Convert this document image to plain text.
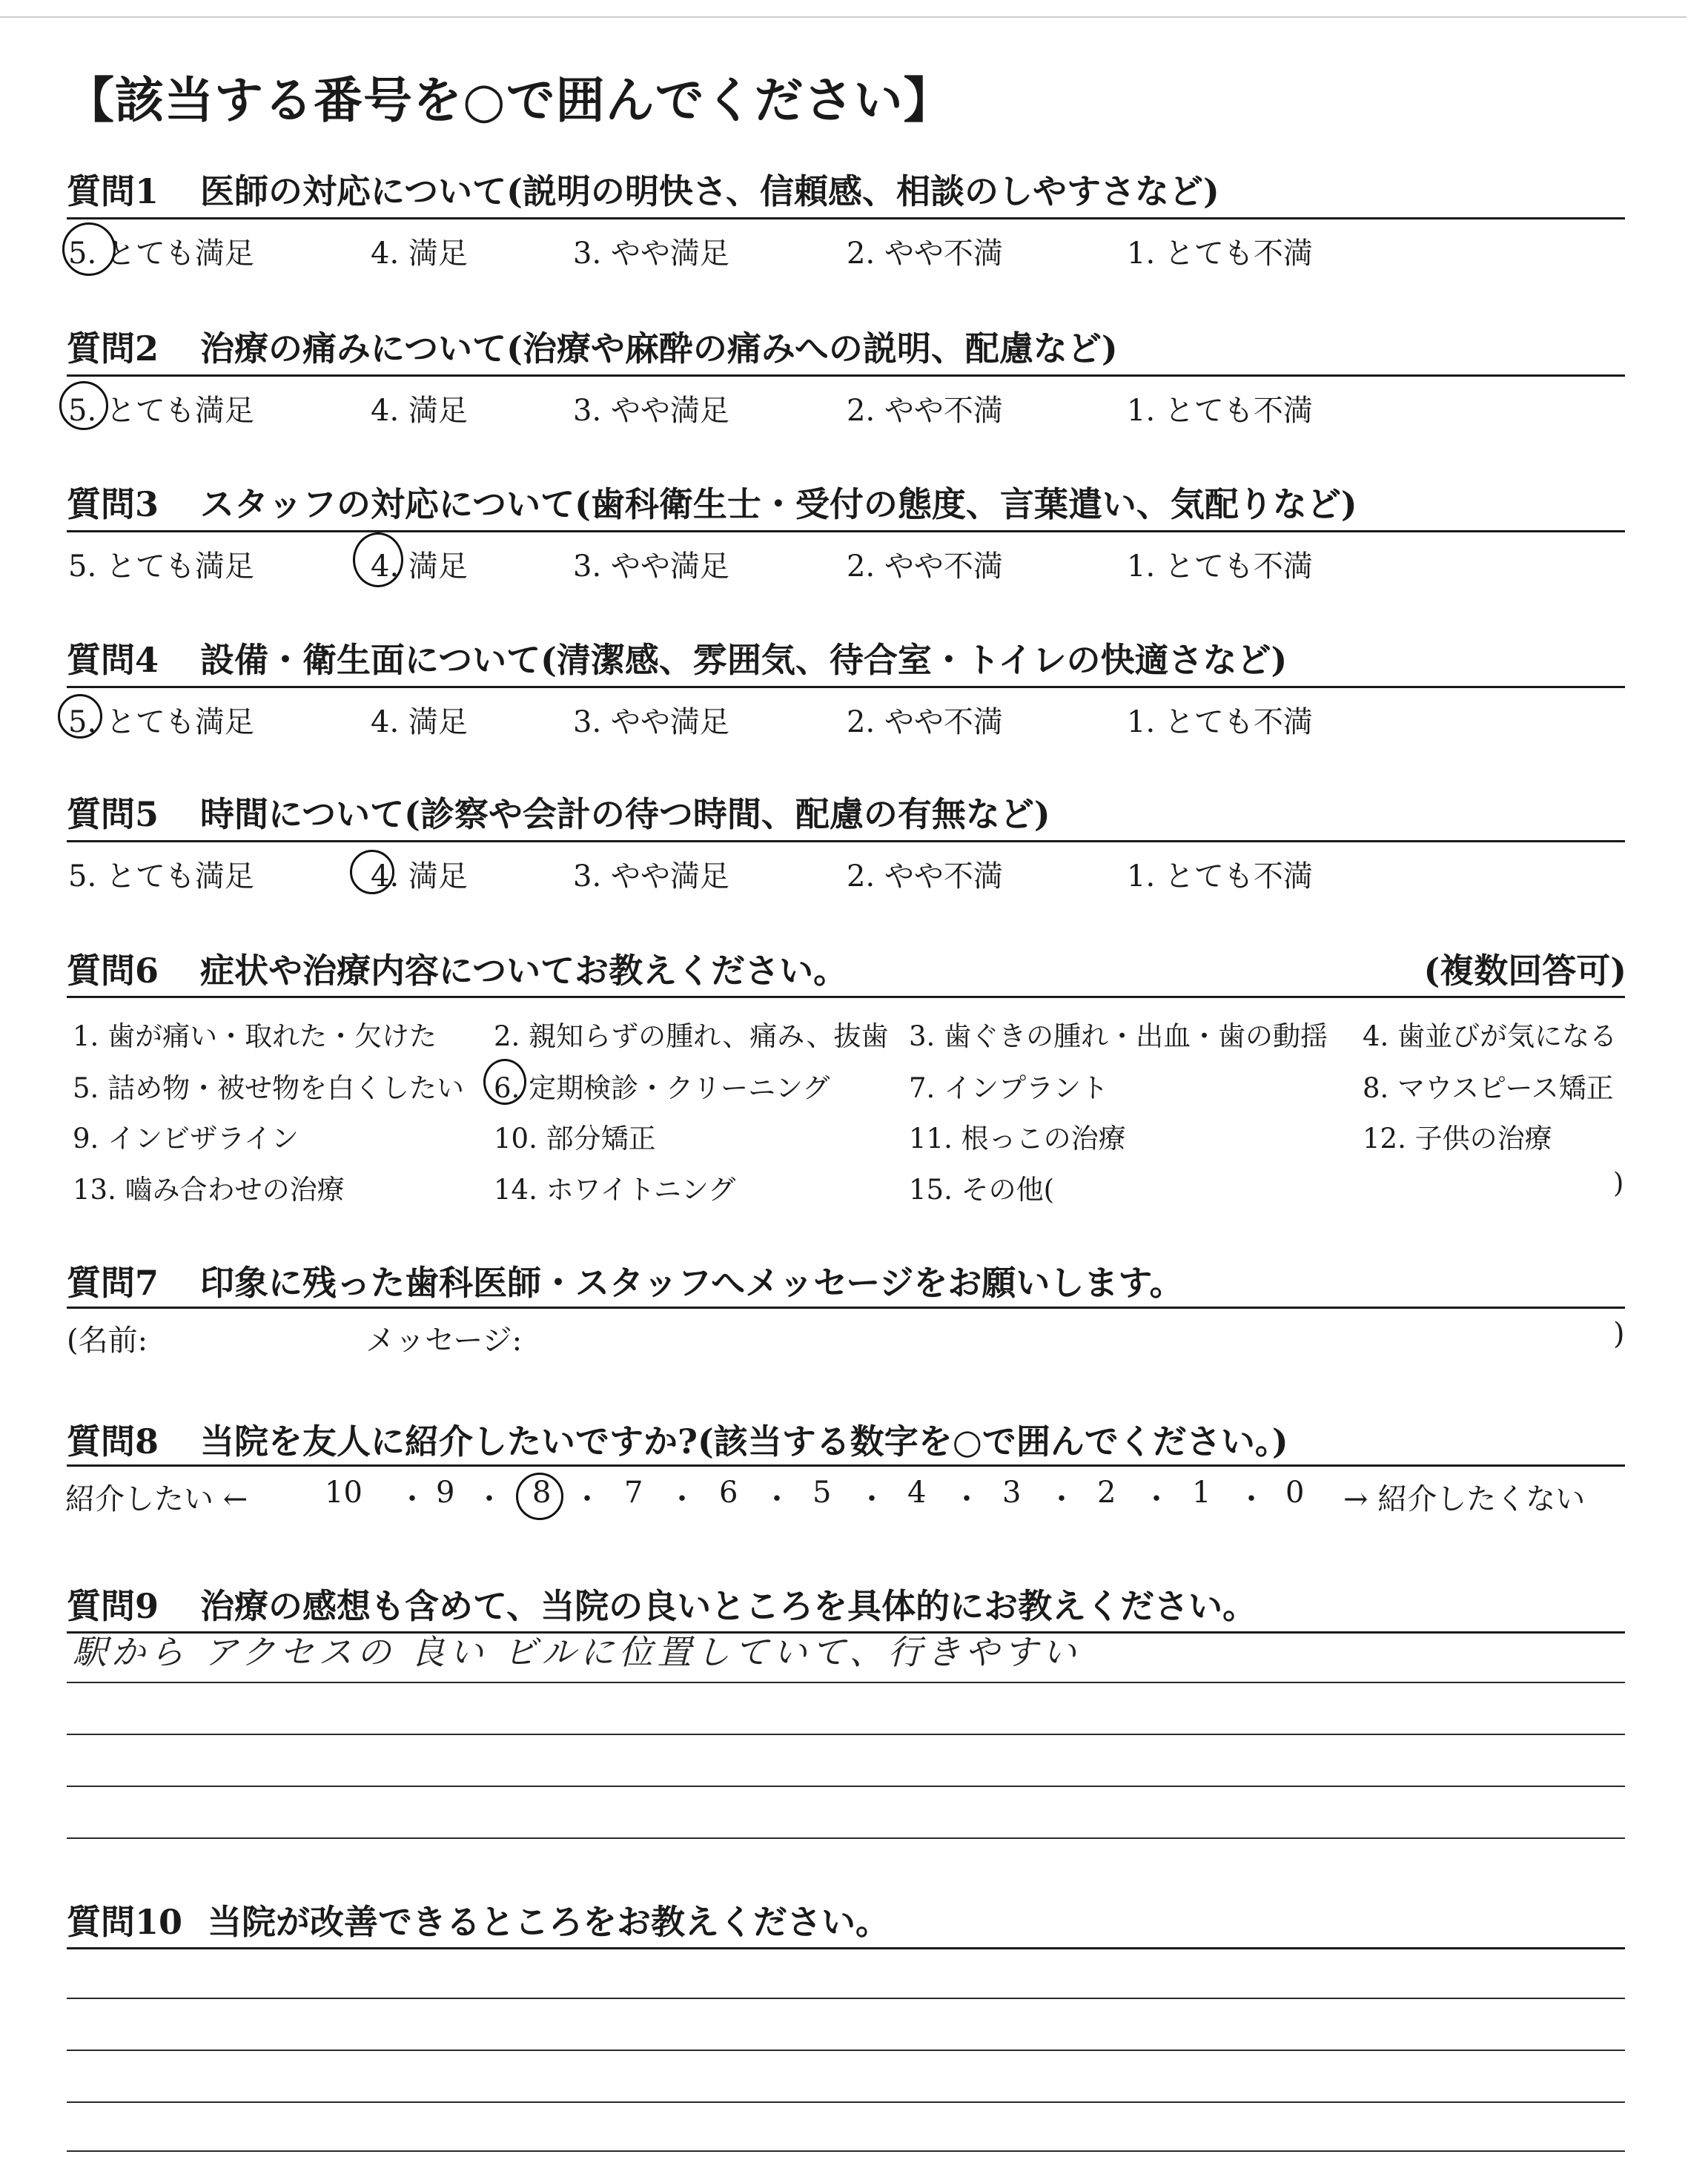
【該当する番号を○で囲んでください】
質問1 医師の対応について(説明の明快さ、信頼感、相談のしやすさなど)
5. とても満足	4. 満足	3. やや満足	2. やや不満	1. とても不満
質問2 治療の痛みについて(治療や麻酔の痛みへの説明、配慮など)
5. とても満足	4. 満足	3. やや満足	2. やや不満	1. とても不満
質問3 スタッフの対応について(歯科衛生士・受付の態度、言葉遣い、気配りなど)
5. とても満足	4. 満足	3. やや満足	2. やや不満	1. とても不満
質問4 設備・衛生面について(清潔感、雰囲気、待合室・トイレの快適さなど)
5. とても満足	4. 満足	3. やや満足	2. やや不満	1. とても不満
質問5 時間について(診察や会計の待つ時間、配慮の有無など)
5. とても満足	4. 満足	3. やや満足	2. やや不満	1. とても不満
質問6 症状や治療内容についてお教えください。	(複数回答可)
1. 歯が痛い・取れた・欠けた 2. 親知らずの腫れ、痛み、抜歯 3. 歯ぐきの腫れ・出血・歯の動揺 4. 歯並びが気になる
5. 詰め物・被せ物を白くしたい 6. 定期検診・クリーニング	7. インプラント	8. マウスピース矯正
9. インビザライン	10. 部分矯正	11. 根っこの治療	12. 子供の治療
13. 嚙み合わせの治療	14. ホワイトニング	15. その他(	)
質問7 印象に残った歯科医師・スタッフへメッセージをお願いします。
(名前:	メッセージ:	)
質問8 当院を友人に紹介したいですか?(該当する数字を○で囲んでください。)
紹介したい ←	10 ・ 9 ・ 8 ・ 7 ・ 6 ・ 5 ・ 4 ・ 3 ・ 2 ・ 1 ・ 0 → 紹介したくない
質問9 治療の感想も含めて、当院の良いところを具体的にお教えください。
駅から アクセスの 良い ビルに位置していて、行きやすい
質問10 当院が改善できるところをお教えください。
